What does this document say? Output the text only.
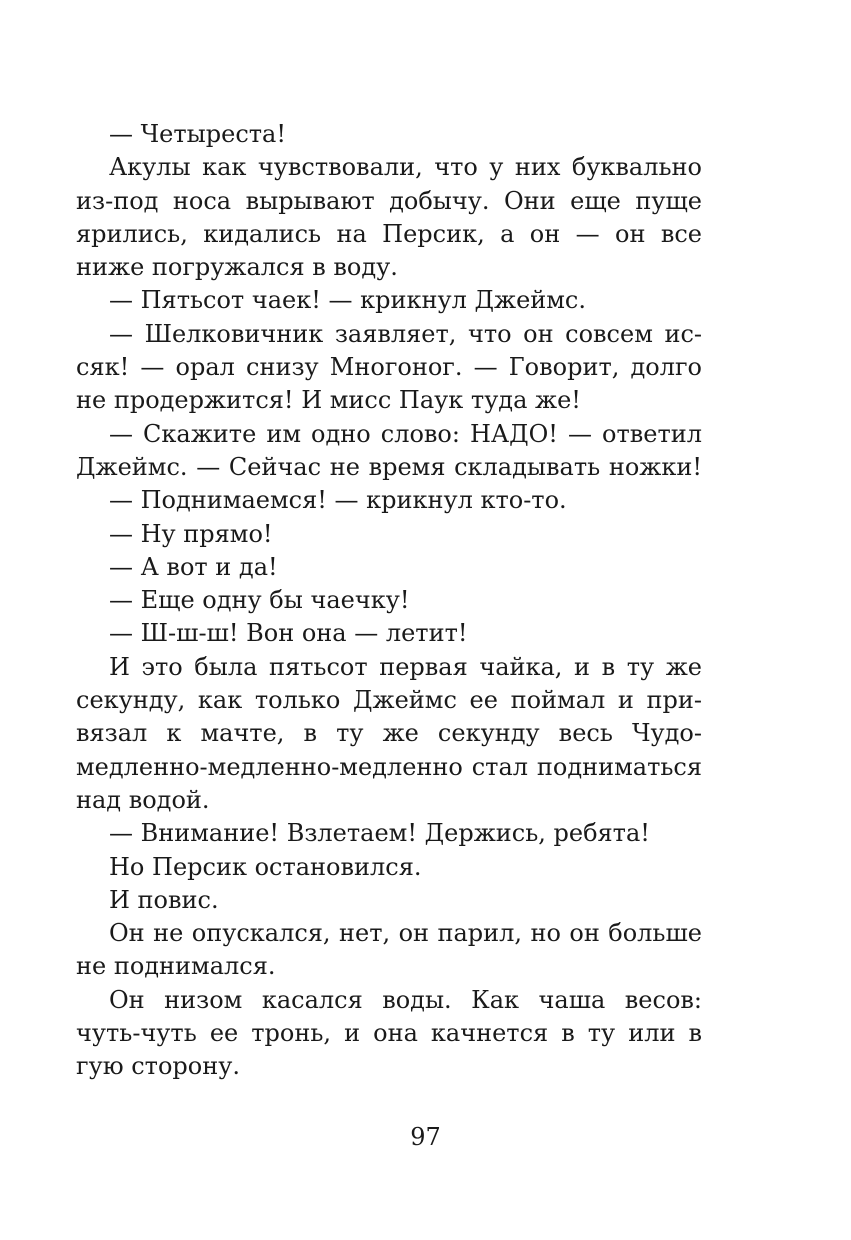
— Четыреста!
Акулы как чувствовали, что у них буквально
из-под носа вырывают добычу. Они еще пуще
ярились, кидались на Персик, а он — он все
ниже погружался в воду.
— Пятьсот чаек! — крикнул Джеймс.
— Шелковичник заявляет, что он совсем ис-
сяк! — орал снизу Многоног. — Говорит, долго
не продержится! И мисс Паук туда же!
— Скажите им одно слово: НАДО! — ответил
Джеймс. — Сейчас не время складывать ножки!
— Поднимаемся! — крикнул кто-то.
— Ну прямо!
— А вот и да!
— Еще одну бы чаечку!
— Ш-ш-ш! Вон она — летит!
И это была пятьсот первая чайка, и в ту же
секунду, как только Джеймс ее поймал и при-
вязал к мачте, в ту же секунду весь Чудо-
медленно-медленно-медленно стал подниматься
над водой.
— Внимание! Взлетаем! Держись, ребята!
Но Персик остановился.
И повис.
Он не опускался, нет, он парил, но он больше
не поднимался.
Он низом касался воды. Как чаша весов:
чуть-чуть ее тронь, и она качнется в ту или в
гую сторону.
97
